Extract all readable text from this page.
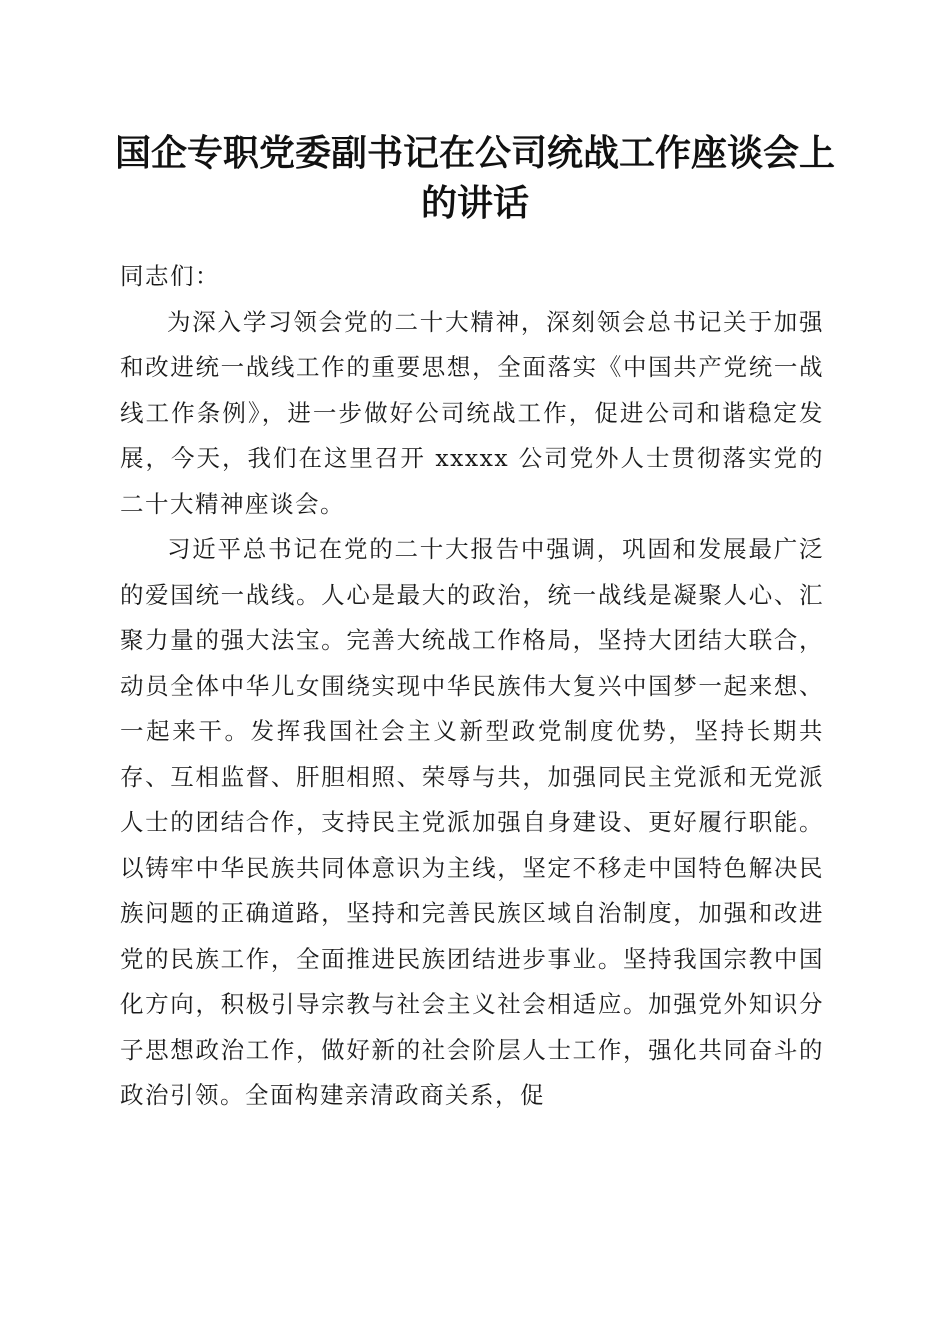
国企专职党委副书记在公司统战工作座谈会上的讲话

同志们：

为深入学习领会党的二十大精神，深刻领会总书记关于加强和改进统一战线工作的重要思想，全面落实《中国共产党统一战线工作条例》，进一步做好公司统战工作，促进公司和谐稳定发展，今天，我们在这里召开 xxxxx 公司党外人士贯彻落实党的二十大精神座谈会。

习近平总书记在党的二十大报告中强调，巩固和发展最广泛的爱国统一战线。人心是最大的政治，统一战线是凝聚人心、汇聚力量的强大法宝。完善大统战工作格局，坚持大团结大联合，动员全体中华儿女围绕实现中华民族伟大复兴中国梦一起来想、一起来干。发挥我国社会主义新型政党制度优势，坚持长期共存、互相监督、肝胆相照、荣辱与共，加强同民主党派和无党派人士的团结合作，支持民主党派加强自身建设、更好履行职能。以铸牢中华民族共同体意识为主线，坚定不移走中国特色解决民族问题的正确道路，坚持和完善民族区域自治制度，加强和改进党的民族工作，全面推进民族团结进步事业。坚持我国宗教中国化方向，积极引导宗教与社会主义社会相适应。加强党外知识分子思想政治工作，做好新的社会阶层人士工作，强化共同奋斗的政治引领。全面构建亲清政商关系，促
